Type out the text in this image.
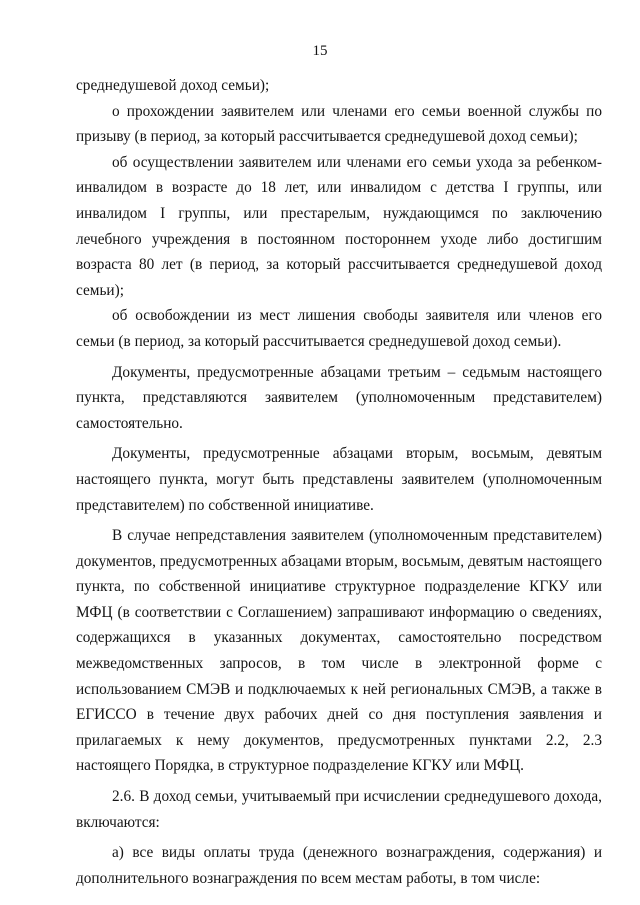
15

среднедушевой доход семьи);

о прохождении заявителем или членами его семьи военной службы по призыву (в период, за который рассчитывается среднедушевой доход семьи);

об осуществлении заявителем или членами его семьи ухода за ребенком-инвалидом в возрасте до 18 лет, или инвалидом с детства I группы, или инвалидом I группы, или престарелым, нуждающимся по заключению лечебного учреждения в постоянном постороннем уходе либо достигшим возраста 80 лет (в период, за который рассчитывается среднедушевой доход семьи);

об освобождении из мест лишения свободы заявителя или членов его семьи (в период, за который рассчитывается среднедушевой доход семьи).

Документы, предусмотренные абзацами третьим – седьмым настоящего пункта, представляются заявителем (уполномоченным представителем) самостоятельно.

Документы, предусмотренные абзацами вторым, восьмым, девятым настоящего пункта, могут быть представлены заявителем (уполномоченным представителем) по собственной инициативе.

В случае непредставления заявителем (уполномоченным представителем) документов, предусмотренных абзацами вторым, восьмым, девятым настоящего пункта, по собственной инициативе структурное подразделение КГКУ или МФЦ (в соответствии с Соглашением) запрашивают информацию о сведениях, содержащихся в указанных документах, самостоятельно посредством межведомственных запросов, в том числе в электронной форме с использованием СМЭВ и подключаемых к ней региональных СМЭВ, а также в ЕГИССО в течение двух рабочих дней со дня поступления заявления и прилагаемых к нему документов, предусмотренных пунктами 2.2, 2.3 настоящего Порядка, в структурное подразделение КГКУ или МФЦ.

2.6. В доход семьи, учитываемый при исчислении среднедушевого дохода, включаются:

а) все виды оплаты труда (денежного вознаграждения, содержания) и дополнительного вознаграждения по всем местам работы, в том числе:
